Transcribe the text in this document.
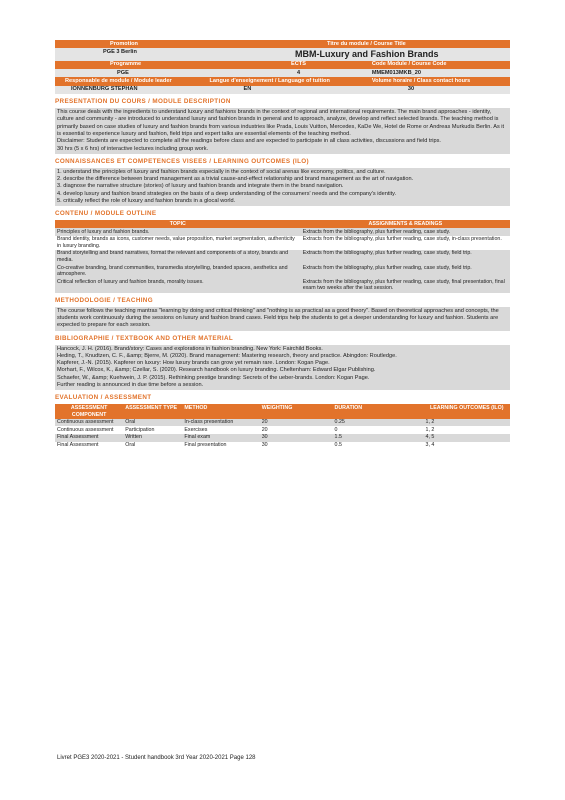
Promotion	Titre du module / Course Title
PGE 3 Berlin	MBM-Luxury and Fashion Brands
Programme	ECTS	Code Module / Course Code
PGE	4	MMEM013MKB_20
Responsable de module / Module leader	Langue d'enseignement / Language of tuition	Volume horaire / Class contact hours
IONNENBURG STEPHAN	EN	30
PRESENTATION DU COURS / MODULE DESCRIPTION
This course deals with the ingredients to understand luxury and fashions brands in the context of regional and international requirements. The main brand approaches - identity, culture and community - are introduced to understand luxury and fashion brands in general and to approach, analyze, develop and reflect selected brands. The teaching method is primarily based on case studies of luxury and fashion brands from various industries like Prada, Louis Vuitton, Mercedes, KaDe We, Hotel de Rome or Andreas Murkudis Berlin. As it is essential to experience luxury and fashion, field trips and expert talks are essential elements of the teaching method.
Disclaimer: Students are expected to complete all the readings before class and are expected to participate in all class activities, discussions and field trips.
30 hrs (5 x 6 hrs) of interactive lectures including group work.
CONNAISSANCES ET COMPETENCES VISEES / LEARNING OUTCOMES (ILO)
1. understand the principles of luxury and fashion brands especially in the context of social arenas like economy, politics, and culture.
2. describe the difference between brand management as a trivial cause-and-effect relationship and brand management as the art of navigation.
3. diagnose the narrative structure (stories) of luxury and fashion brands and integrate them in the brand navigation.
4. develop luxury and fashion brand strategies on the basis of a deep understanding of the consumers' needs and the company's identity.
5. critically reflect the role of luxury and fashion brands in a glocal world.
CONTENU / MODULE OUTLINE
TOPIC	ASSIGNMENTS & READINGS
Principles of luxury and fashion brands.	Extracts from the bibliography, plus further reading, case study.
Brand identity, brands as icons, customer needs, value proposition, market segmentation, authenticity in luxury branding.	Extracts from the bibliography, plus further reading, case study, in-class presentation.
Brand storytelling and brand narratives, format the relevant and components of a story, brands and media.	Extracts from the bibliography, plus further reading, case study, field trip.
Co-creative branding, brand communities, transmedia storytelling, branded spaces, aesthetics and atmosphere.	Extracts from the bibliography, plus further reading, case study, field trip.
Critical reflection of luxury and fashion brands, morality issues.	Extracts from the bibliography, plus further reading, case study, final presentation, final exam two weeks after the last session.
METHODOLOGIE / TEACHING
The course follows the teaching mantras "learning by doing and critical thinking" and "nothing is as practical as a good theory". Based on theoretical approaches and concepts, the students work continuously during the sessions on luxury and fashion brand cases. Field trips help the students to get a deeper understanding for luxury and fashion. Students are expected to prepare for each session.
BIBLIOGRAPHIE / TEXTBOOK AND OTHER MATERIAL
Hancock, J. H. (2016). Brand/story: Cases and explorations in fashion branding. New York: Fairchild Books.
Heding, T., Knudtzen, C. F., &amp; Bjerre, M. (2020). Brand management: Mastering research, theory and practice. Abingdon: Routledge.
Kapferer, J.-N. (2015). Kapferer on luxury: How luxury brands can grow yet remain rare. London: Kogan Page.
Morhart, F., Wilcox, K., &amp; Czellar, S. (2020). Research handbook on luxury branding. Cheltenham: Edward Elgar Publishing.
Schaefer, W., &amp; Kuehwein, J. P. (2015). Rethinking prestige branding: Secrets of the ueber-brands. London: Kogan Page.
Further reading is announced in due time before a session.
EVALUATION / ASSESSMENT
ASSESSMENT COMPONENT	ASSESSMENT TYPE	METHOD	WEIGHTING	DURATION	LEARNING OUTCOMES (ILO)
Continuous assessment	Oral	In-class presentation	20	0.25	1, 2
Continuous assessment	Participation	Exercises	20	0	1, 2
Final Assessment	Written	Final exam	30	1.5	4, 5
Final Assessment	Oral	Final presentation	30	0.5	3, 4
Livret PGE3 2020-2021 - Student handbook 3rd Year 2020-2021 Page 128
